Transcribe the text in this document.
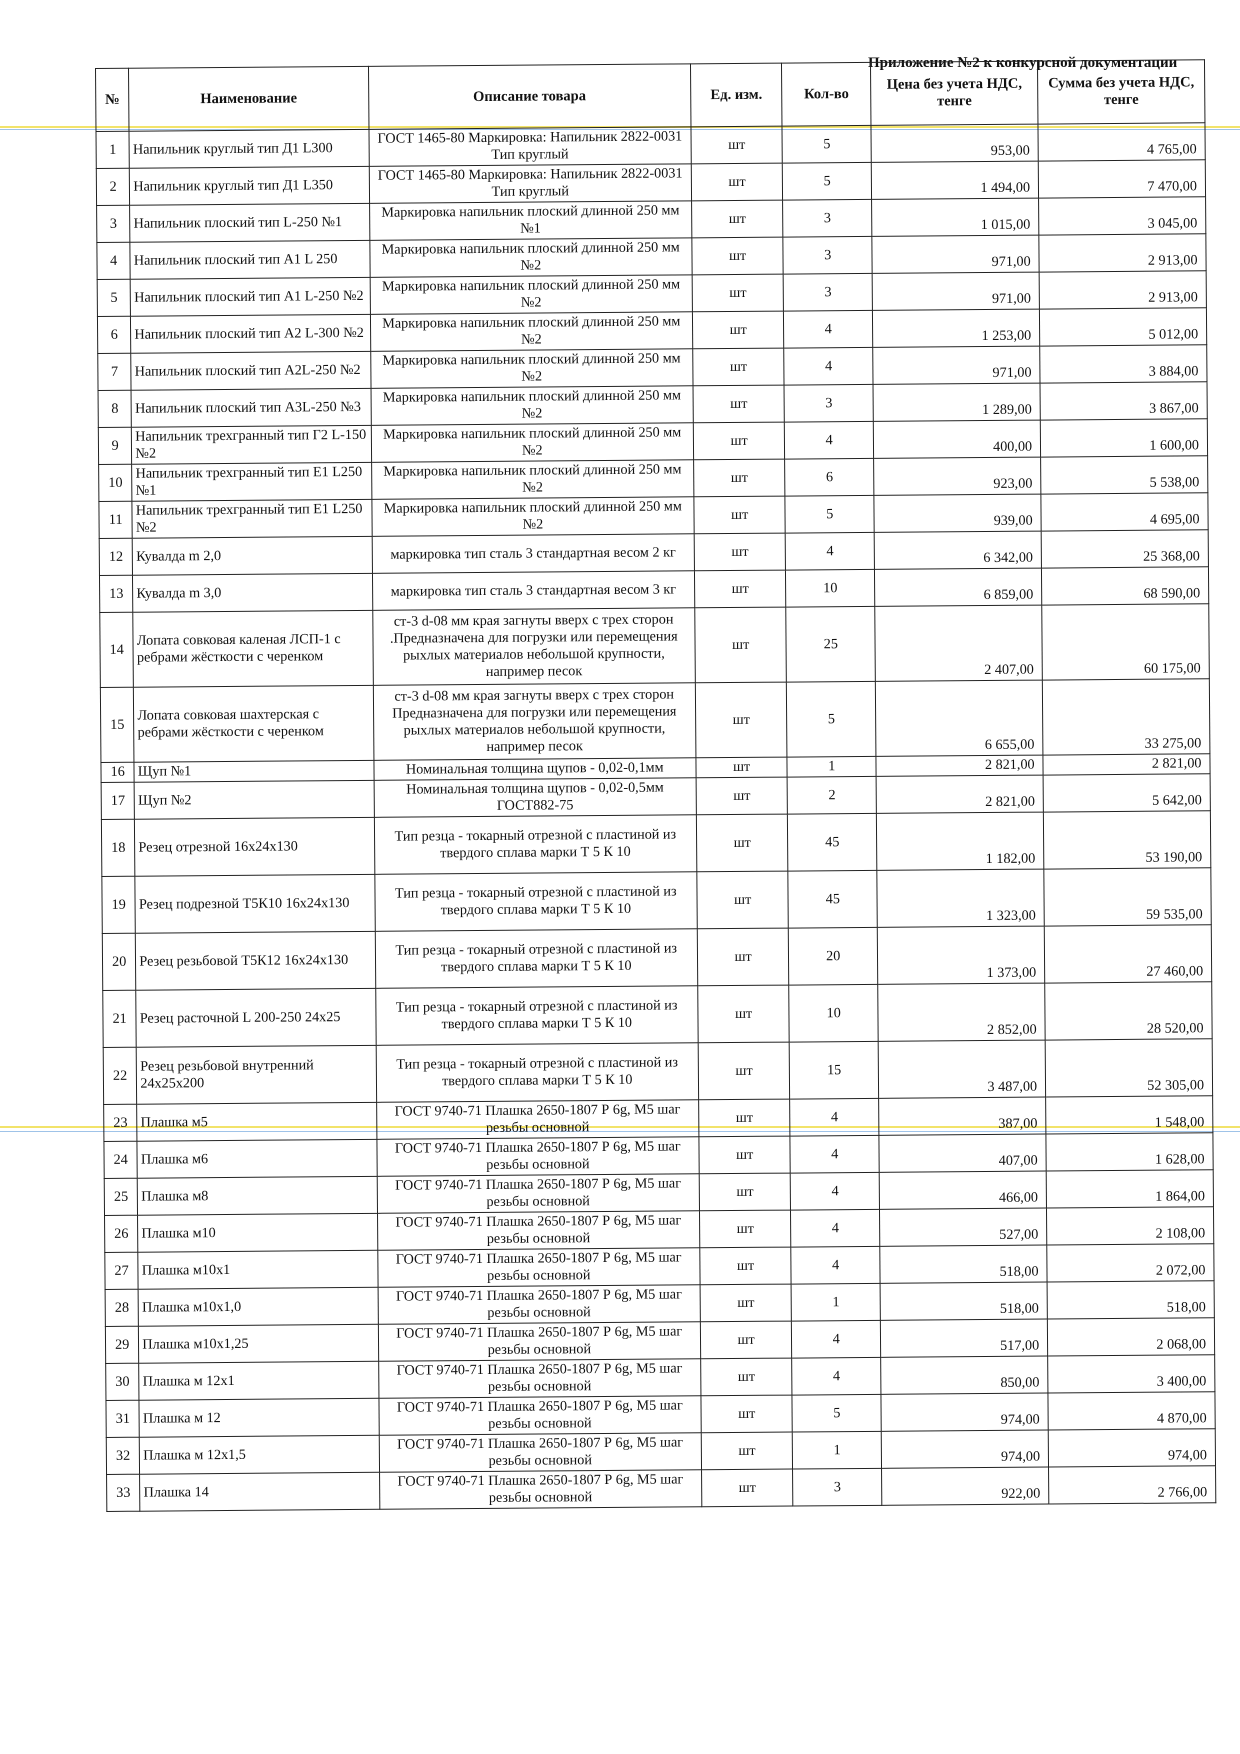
Приложение №2 к конкурсной документации
№	Наименование	Описание товара	Ед. изм.	Кол-во	Цена без учета НДС, тенге	Сумма без учета НДС, тенге
1	Напильник круглый тип Д1 L300	ГОСТ 1465-80 Маркировка: Напильник 2822-0031 Тип круглый	шт	5	953,00	4 765,00
2	Напильник круглый тип Д1 L350	ГОСТ 1465-80 Маркировка: Напильник 2822-0031 Тип круглый	шт	5	1 494,00	7 470,00
3	Напильник плоский тип L-250 №1	Маркировка напильник плоский длинной 250 мм №1	шт	3	1 015,00	3 045,00
4	Напильник плоский тип А1 L 250	Маркировка напильник плоский длинной 250 мм №2	шт	3	971,00	2 913,00
5	Напильник плоский тип А1 L-250 №2	Маркировка напильник плоский длинной 250 мм №2	шт	3	971,00	2 913,00
6	Напильник плоский тип А2 L-300 №2	Маркировка напильник плоский длинной 250 мм №2	шт	4	1 253,00	5 012,00
7	Напильник плоский тип А2L-250 №2	Маркировка напильник плоский длинной 250 мм №2	шт	4	971,00	3 884,00
8	Напильник плоский тип А3L-250 №3	Маркировка напильник плоский длинной 250 мм №2	шт	3	1 289,00	3 867,00
9	Напильник трехгранный тип Г2 L-150 №2	Маркировка напильник плоский длинной 250 мм №2	шт	4	400,00	1 600,00
10	Напильник трехгранный тип Е1 L250 №1	Маркировка напильник плоский длинной 250 мм №2	шт	6	923,00	5 538,00
11	Напильник трехгранный тип Е1 L250 №2	Маркировка напильник плоский длинной 250 мм №2	шт	5	939,00	4 695,00
12	Кувалда m 2,0	маркировка тип сталь 3 стандартная весом 2 кг	шт	4	6 342,00	25 368,00
13	Кувалда m 3,0	маркировка тип сталь 3 стандартная весом 3 кг	шт	10	6 859,00	68 590,00
14	Лопата совковая каленая ЛСП-1 с ребрами жёсткости с черенком	ст-3 d-08 мм края загнуты вверх с трех сторон .Предназначена для погрузки или перемещения рыхлых материалов небольшой крупности, например песок	шт	25	2 407,00	60 175,00
15	Лопата совковая шахтерская с ребрами жёсткости с черенком	ст-3 d-08 мм края загнуты вверх с трех сторон Предназначена для погрузки или перемещения рыхлых материалов небольшой крупности, например песок	шт	5	6 655,00	33 275,00
16	Щуп №1	Номинальная толщина щупов - 0,02-0,1мм	шт	1	2 821,00	2 821,00
17	Щуп №2	Номинальная толщина щупов - 0,02-0,5мм ГОСТ882-75	шт	2	2 821,00	5 642,00
18	Резец отрезной 16х24х130	Тип резца - токарный отрезной с пластиной из твердого сплава марки Т 5 К 10	шт	45	1 182,00	53 190,00
19	Резец подрезной Т5К10 16х24х130	Тип резца - токарный отрезной с пластиной из твердого сплава марки Т 5 К 10	шт	45	1 323,00	59 535,00
20	Резец резьбовой Т5К12 16х24х130	Тип резца - токарный отрезной с пластиной из твердого сплава марки Т 5 К 10	шт	20	1 373,00	27 460,00
21	Резец расточной L 200-250 24х25	Тип резца - токарный отрезной с пластиной из твердого сплава марки Т 5 К 10	шт	10	2 852,00	28 520,00
22	Резец резьбовой внутренний 24х25х200	Тип резца - токарный отрезной с пластиной из твердого сплава марки Т 5 К 10	шт	15	3 487,00	52 305,00
23	Плашка м5	ГОСТ 9740-71 Плашка 2650-1807 Р 6g, М5 шаг резьбы основной	шт	4	387,00	1 548,00
24	Плашка м6	ГОСТ 9740-71 Плашка 2650-1807 Р 6g, М5 шаг резьбы основной	шт	4	407,00	1 628,00
25	Плашка м8	ГОСТ 9740-71 Плашка 2650-1807 Р 6g, М5 шаг резьбы основной	шт	4	466,00	1 864,00
26	Плашка м10	ГОСТ 9740-71 Плашка 2650-1807 Р 6g, М5 шаг резьбы основной	шт	4	527,00	2 108,00
27	Плашка м10х1	ГОСТ 9740-71 Плашка 2650-1807 Р 6g, М5 шаг резьбы основной	шт	4	518,00	2 072,00
28	Плашка м10х1,0	ГОСТ 9740-71 Плашка 2650-1807 Р 6g, М5 шаг резьбы основной	шт	1	518,00	518,00
29	Плашка м10х1,25	ГОСТ 9740-71 Плашка 2650-1807 Р 6g, М5 шаг резьбы основной	шт	4	517,00	2 068,00
30	Плашка м 12х1	ГОСТ 9740-71 Плашка 2650-1807 Р 6g, М5 шаг резьбы основной	шт	4	850,00	3 400,00
31	Плашка м 12	ГОСТ 9740-71 Плашка 2650-1807 Р 6g, М5 шаг резьбы основной	шт	5	974,00	4 870,00
32	Плашка м 12х1,5	ГОСТ 9740-71 Плашка 2650-1807 Р 6g, М5 шаг резьбы основной	шт	1	974,00	974,00
33	Плашка 14	ГОСТ 9740-71 Плашка 2650-1807 Р 6g, М5 шаг резьбы основной	шт	3	922,00	2 766,00
